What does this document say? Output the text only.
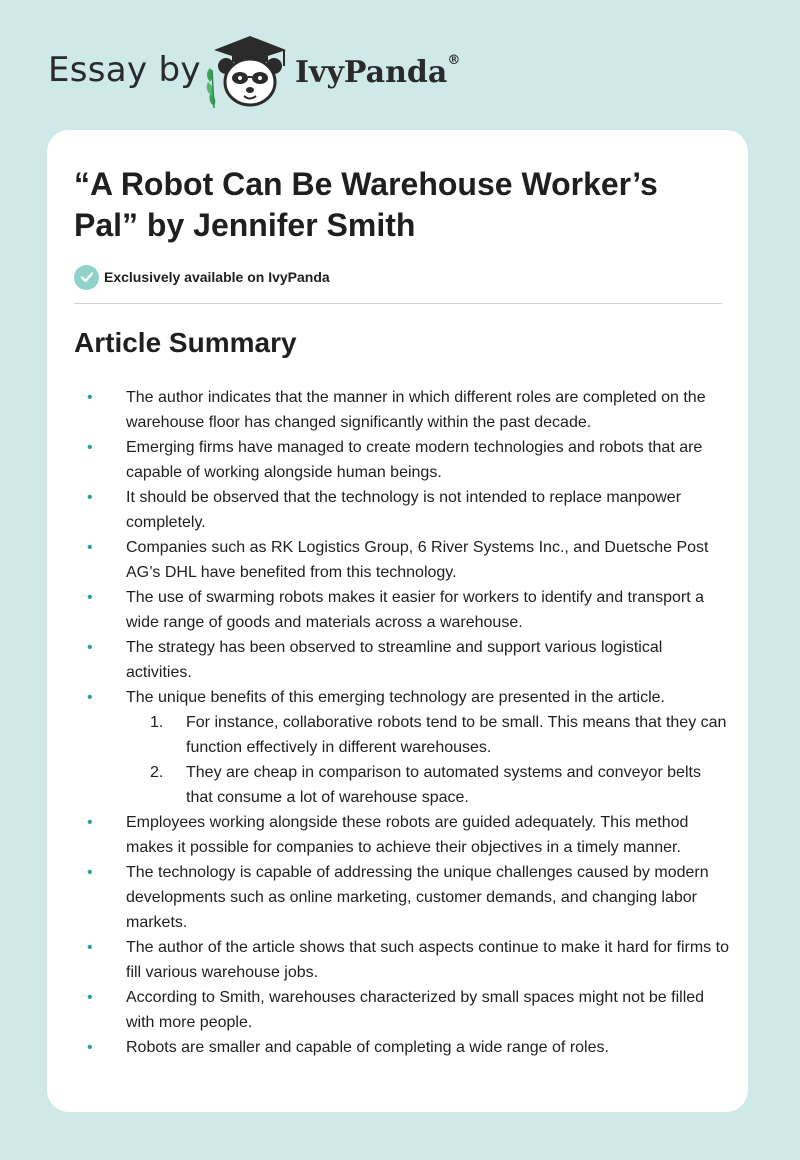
Essay by	IvyPanda®
“A Robot Can Be Warehouse Worker’s Pal” by Jennifer Smith
Exclusively available on IvyPanda
Article Summary
• The author indicates that the manner in which different roles are completed on the warehouse floor has changed significantly within the past decade.
• Emerging firms have managed to create modern technologies and robots that are capable of working alongside human beings.
• It should be observed that the technology is not intended to replace manpower completely.
• Companies such as RK Logistics Group, 6 River Systems Inc., and Duetsche Post AG’s DHL have benefited from this technology.
• The use of swarming robots makes it easier for workers to identify and transport a wide range of goods and materials across a warehouse.
• The strategy has been observed to streamline and support various logistical activities.
• The unique benefits of this emerging technology are presented in the article.
1. For instance, collaborative robots tend to be small. This means that they can function effectively in different warehouses.
2. They are cheap in comparison to automated systems and conveyor belts that consume a lot of warehouse space.
• Employees working alongside these robots are guided adequately. This method makes it possible for companies to achieve their objectives in a timely manner.
• The technology is capable of addressing the unique challenges caused by modern developments such as online marketing, customer demands, and changing labor markets.
• The author of the article shows that such aspects continue to make it hard for firms to fill various warehouse jobs.
• According to Smith, warehouses characterized by small spaces might not be filled with more people.
• Robots are smaller and capable of completing a wide range of roles.
